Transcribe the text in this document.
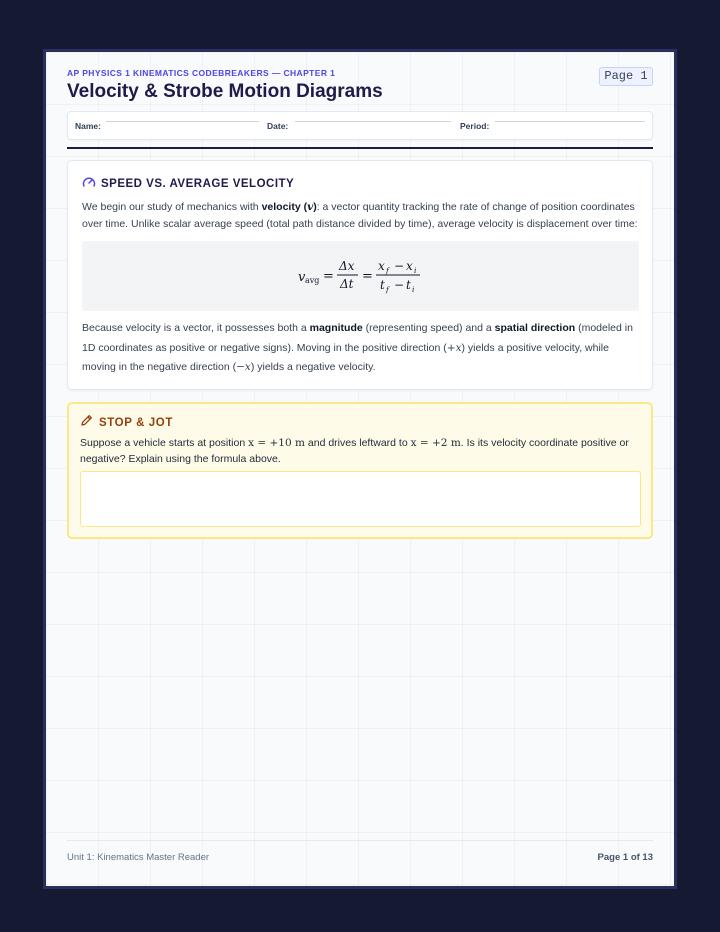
AP PHYSICS 1 KINEMATICS CODEBREAKERS — CHAPTER 1
Velocity & Strobe Motion Diagrams
Page 1
Name:	Date:	Period:
SPEED VS. AVERAGE VELOCITY
We begin our study of mechanics with velocity (v): a vector quantity tracking the rate of change of position coordinates over time. Unlike scalar average speed (total path distance divided by time), average velocity is displacement over time:
v avg =
Δx
Δt =
x f − x i
t f − t i
Because velocity is a vector, it possesses both a magnitude (representing speed) and a spatial direction (modeled in 1D coordinates as positive or negative signs). Moving in the positive direction (+x) yields a positive velocity, while moving in the negative direction (−x) yields a negative velocity.
STOP & JOT
Suppose a vehicle starts at position x = +10 m and drives leftward to x = +2 m. Is its velocity coordinate positive or negative? Explain using the formula above.
Unit 1: Kinematics Master Reader	Page 1 of 13
